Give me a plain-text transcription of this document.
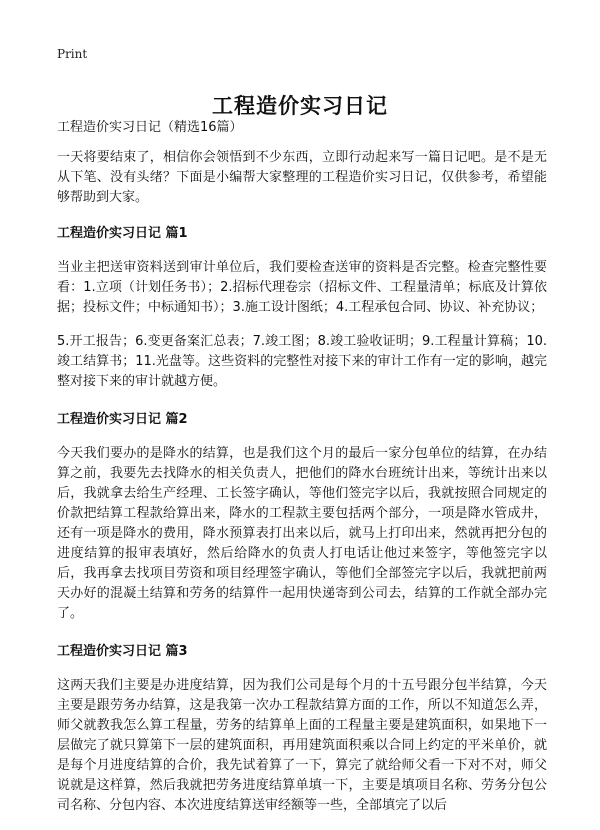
Print
工程造价实习日记
工程造价实习日记（精选16篇）

一天将要结束了，相信你会领悟到不少东西，立即行动起来写一篇日记吧。是不是无从下笔、没有头绪？下面是小编帮大家整理的工程造价实习日记，仅供参考，希望能够帮助到大家。

工程造价实习日记 篇1

当业主把送审资料送到审计单位后，我们要检查送审的资料是否完整。检查完整性要看：1.立项（计划任务书）；2.招标代理卷宗（招标文件、工程量清单；标底及计算依据；投标文件；中标通知书）；3.施工设计图纸；4.工程承包合同、协议、补充协议；

5.开工报告；6.变更备案汇总表；7.竣工图；8.竣工验收证明；9.工程量计算稿；10.竣工结算书；11.光盘等。这些资料的完整性对接下来的审计工作有一定的影响，越完整对接下来的审计就越方便。

工程造价实习日记 篇2

今天我们要办的是降水的结算，也是我们这个月的最后一家分包单位的结算，在办结算之前，我要先去找降水的相关负责人，把他们的降水台班统计出来，等统计出来以后，我就拿去给生产经理、工长签字确认，等他们签完字以后，我就按照合同规定的价款把结算工程款给算出来，降水的工程款主要包括两个部分，一项是降水管成井，还有一项是降水的费用，降水预算表打出来以后，就马上打印出来，然就再把分包的进度结算的报审表填好，然后给降水的负责人打电话让他过来签字，等他签完字以后，我再拿去找项目劳资和项目经理签字确认，等他们全部签完字以后，我就把前两天办好的混凝土结算和劳务的结算件一起用快递寄到公司去，结算的工作就全部办完了。

工程造价实习日记 篇3

这两天我们主要是办进度结算，因为我们公司是每个月的十五号跟分包半结算，今天主要是跟劳务办结算，这是我第一次办工程款结算方面的工作，所以不知道怎么弄，师父就教我怎么算工程量，劳务的结算单上面的工程量主要是建筑面积，如果地下一层做完了就只算第下一层的建筑面积，再用建筑面积乘以合同上约定的平米单价，就是每个月进度结算的合价，我先试着算了一下，算完了就给师父看一下对不对，师父说就是这样算，然后我就把劳务进度结算单填一下，主要是填项目名称、劳务分包公司名称、分包内容、本次进度结算送审经额等一些，全部填完了以后
